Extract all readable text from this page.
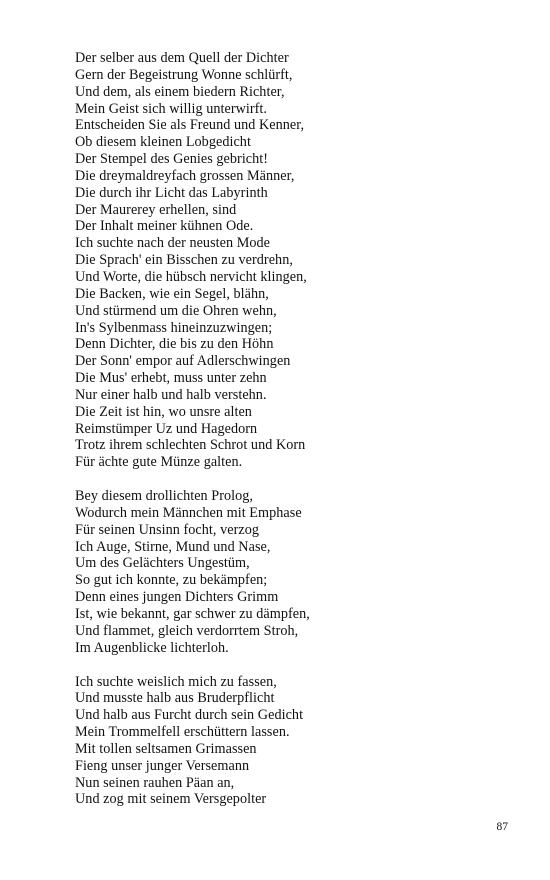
Der selber aus dem Quell der Dichter
Gern der Begeistrung Wonne schlürft,
Und dem, als einem biedern Richter,
Mein Geist sich willig unterwirft.
Entscheiden Sie als Freund und Kenner,
Ob diesem kleinen Lobgedicht
Der Stempel des Genies gebricht!
Die dreymaldreyfach grossen Männer,
Die durch ihr Licht das Labyrinth
Der Maurerey erhellen, sind
Der Inhalt meiner kühnen Ode.
Ich suchte nach der neusten Mode
Die Sprach' ein Bisschen zu verdrehn,
Und Worte, die hübsch nervicht klingen,
Die Backen, wie ein Segel, blähn,
Und stürmend um die Ohren wehn,
In's Sylbenmass hineinzuzwingen;
Denn Dichter, die bis zu den Höhn
Der Sonn' empor auf Adlerschwingen
Die Mus' erhebt, muss unter zehn
Nur einer halb und halb verstehn.
Die Zeit ist hin, wo unsre alten
Reimstümper Uz und Hagedorn
Trotz ihrem schlechten Schrot und Korn
Für ächte gute Münze galten.
Bey diesem drollichten Prolog,
Wodurch mein Männchen mit Emphase
Für seinen Unsinn focht, verzog
Ich Auge, Stirne, Mund und Nase,
Um des Gelächters Ungestüm,
So gut ich konnte, zu bekämpfen;
Denn eines jungen Dichters Grimm
Ist, wie bekannt, gar schwer zu dämpfen,
Und flammet, gleich verdorrtem Stroh,
Im Augenblicke lichterloh.
Ich suchte weislich mich zu fassen,
Und musste halb aus Bruderpflicht
Und halb aus Furcht durch sein Gedicht
Mein Trommelfell erschüttern lassen.
Mit tollen seltsamen Grimassen
Fieng unser junger Versemann
Nun seinen rauhen Päan an,
Und zog mit seinem Versgepolter
87
